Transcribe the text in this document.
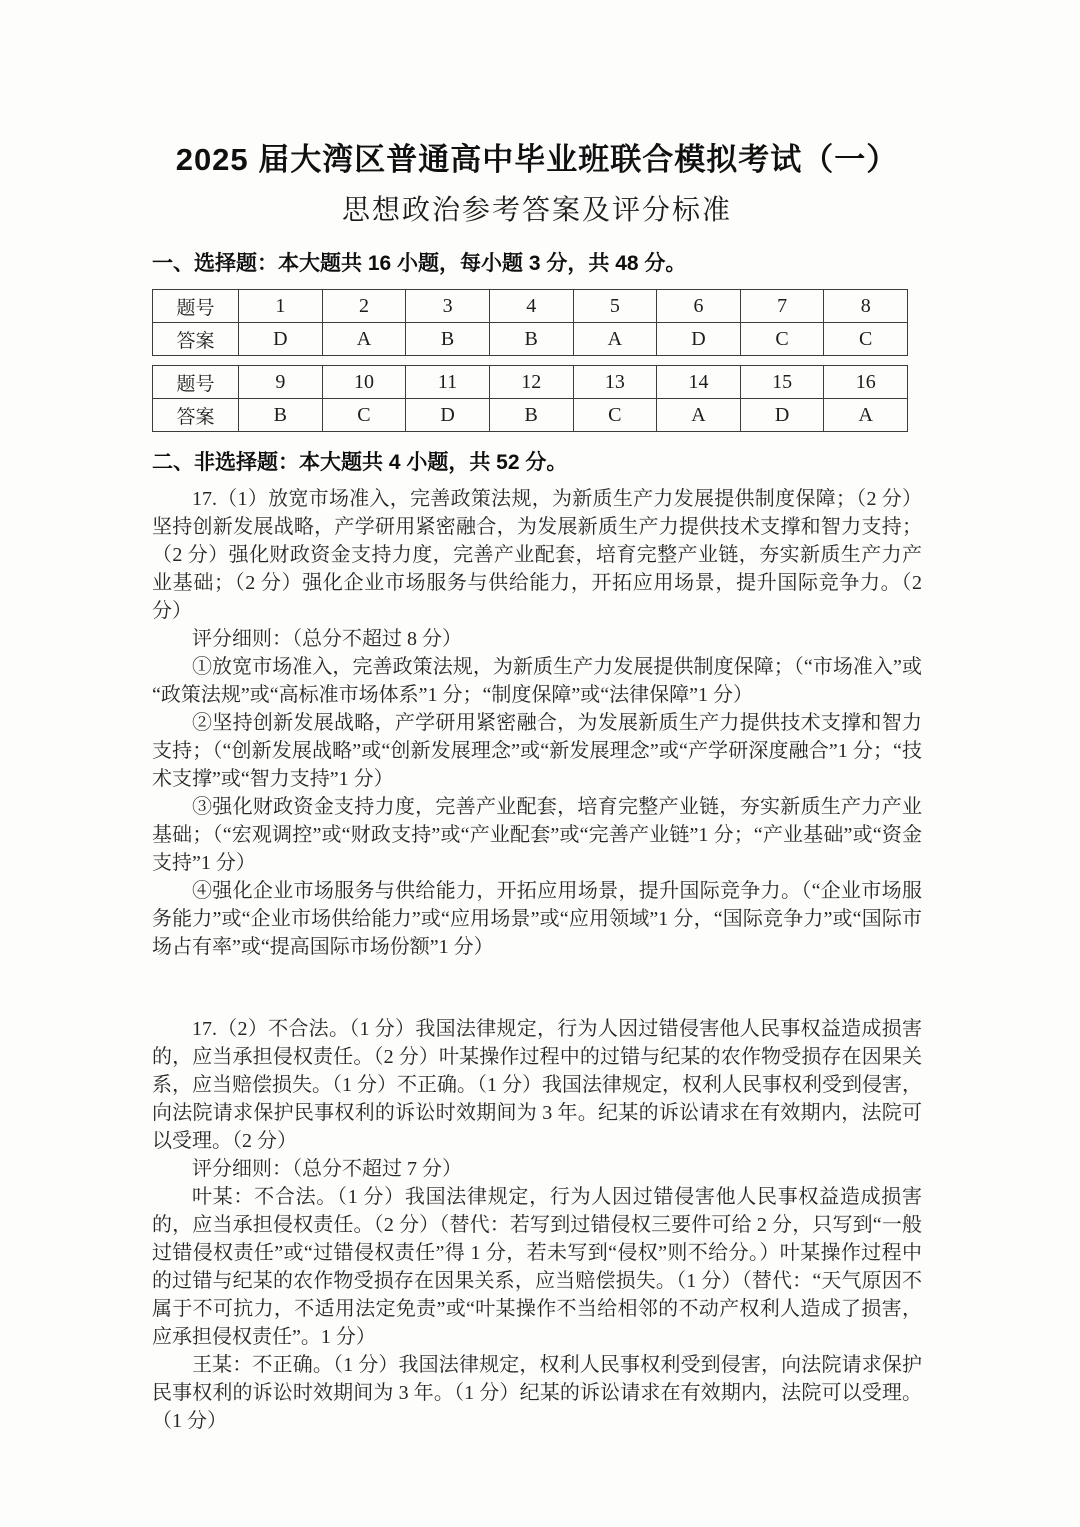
2025 届大湾区普通高中毕业班联合模拟考试（一）
思想政治参考答案及评分标准

一、选择题：本大题共 16 小题，每小题 3 分，共 48 分。

题号	1	2	3	4	5	6	7	8
答案	D	A	B	B	A	D	C	C
题号	9	10	11	12	13	14	15	16
答案	B	C	D	B	C	A	D	A

二、非选择题：本大题共 4 小题，共 52 分。

17.（1）放宽市场准入，完善政策法规，为新质生产力发展提供制度保障；（2 分）坚持创新发展战略，产学研用紧密融合，为发展新质生产力提供技术支撑和智力支持；（2 分）强化财政资金支持力度，完善产业配套，培育完整产业链，夯实新质生产力产业基础；（2 分）强化企业市场服务与供给能力，开拓应用场景，提升国际竞争力。（2 分）

评分细则：（总分不超过 8 分）

①放宽市场准入，完善政策法规，为新质生产力发展提供制度保障；（“市场准入”或“政策法规”或“高标准市场体系”1 分；“制度保障”或“法律保障”1 分）

②坚持创新发展战略，产学研用紧密融合，为发展新质生产力提供技术支撑和智力支持；（“创新发展战略”或“创新发展理念”或“新发展理念”或“产学研深度融合”1 分；“技术支撑”或“智力支持”1 分）

③强化财政资金支持力度，完善产业配套，培育完整产业链，夯实新质生产力产业基础；（“宏观调控”或“财政支持”或“产业配套”或“完善产业链”1 分；“产业基础”或“资金支持”1 分）

④强化企业市场服务与供给能力，开拓应用场景，提升国际竞争力。（“企业市场服务能力”或“企业市场供给能力”或“应用场景”或“应用领域”1 分，“国际竞争力”或“国际市场占有率”或“提高国际市场份额”1 分）

17.（2）不合法。（1 分）我国法律规定，行为人因过错侵害他人民事权益造成损害的，应当承担侵权责任。（2 分）叶某操作过程中的过错与纪某的农作物受损存在因果关系，应当赔偿损失。（1 分）不正确。（1 分）我国法律规定，权利人民事权利受到侵害，向法院请求保护民事权利的诉讼时效期间为 3 年。纪某的诉讼请求在有效期内，法院可以受理。（2 分）

评分细则：（总分不超过 7 分）

叶某：不合法。（1 分）我国法律规定，行为人因过错侵害他人民事权益造成损害的，应当承担侵权责任。（2 分）（替代：若写到过错侵权三要件可给 2 分，只写到“一般过错侵权责任”或“过错侵权责任”得 1 分，若未写到“侵权”则不给分。）叶某操作过程中的过错与纪某的农作物受损存在因果关系，应当赔偿损失。（1 分）（替代：“天气原因不属于不可抗力，不适用法定免责”或“叶某操作不当给相邻的不动产权利人造成了损害，应承担侵权责任”。1 分）

王某：不正确。（1 分）我国法律规定，权利人民事权利受到侵害，向法院请求保护民事权利的诉讼时效期间为 3 年。（1 分）纪某的诉讼请求在有效期内，法院可以受理。（1 分）
